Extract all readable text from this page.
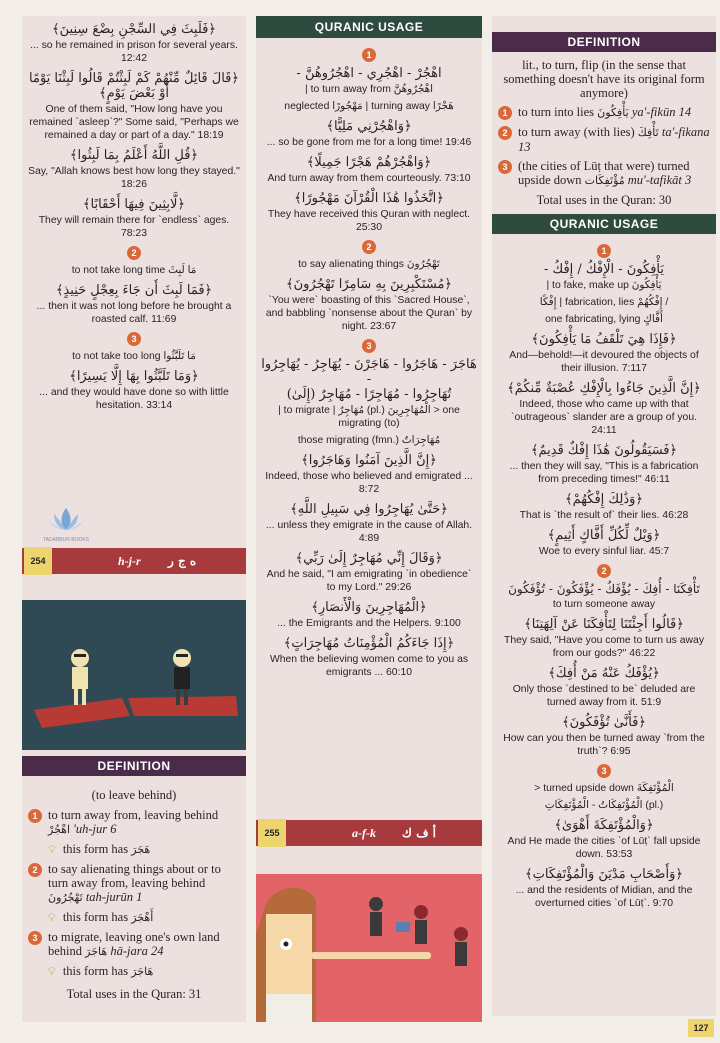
﴿فَلَبِثَ فِي السِّجْنِ بِضْعَ سِنِينَ﴾
... so he remained in prison for several years. 12:42
﴿قَالَ قَائِلٌ مِّنْهُمْ كَمْ لَبِثْتُمْ قَالُوا لَبِثْنَا يَوْمًا أَوْ بَعْضَ يَوْمٍ﴾
One of them said, "How long have you remained `asleep`?" Some said, "Perhaps we remained a day or part of a day." 18:19
﴿قُلِ اللَّهُ أَعْلَمُ بِمَا لَبِثُوا﴾
Say, "Allah knows best how long they stayed." 18:26
﴿لَّابِثِينَ فِيهَا أَحْقَابًا﴾
They will remain there for `endless` ages. 78:23
2
to not take long time مَا لَبِثَ
﴿فَمَا لَبِثَ أَن جَاءَ بِعِجْلٍ حَنِيذٍ﴾
... then it was not long before he brought a roasted calf. 11:69
3
to not take too long مَا تَلَبَّثُوا
﴿وَمَا تَلَبَّثُوا بِهَا إِلَّا يَسِيرًا﴾
... and they would have done so with little hesitation. 33:14
TADABBUR BOOKS
h-j-r ه ج ر
254
DEFINITION
(to leave behind)
1 to turn away from, leaving behind اهْجُرْ 'uh-jur 6
💡︎ this form has هَجَرَ
2 to say alienating things about or to turn away from, leaving behind تَهْجُرُونَ tah-jurūn 1
💡︎ this form has أَهْجَرَ
3 to migrate, leaving one's own land behind هَاجَرَ hā-jara 24
💡︎ this form has هَاجَرَ
Total uses in the Quran: 31
QURANIC USAGE
1
اهْجُرْ - اهْجُرِي - اهْجُرُوهُنَّ -
| to turn away from اهْجُرُوهُنَّ
neglected مَهْجُورًا | turning away هَجْرًا
﴿وَاهْجُرْنِي مَلِيًّا﴾
... so be gone from me for a long time! 19:46
﴿وَاهْجُرْهُمْ هَجْرًا جَمِيلًا﴾
And turn away from them courteously. 73:10
﴿اتَّخَذُوا هَٰذَا الْقُرْآنَ مَهْجُورًا﴾
They have received this Quran with neglect. 25:30
2
to say alienating things تَهْجُرُونَ
﴿مُسْتَكْبِرِينَ بِهِ سَامِرًا تَهْجُرُونَ﴾
`You were` boasting of this `Sacred House`, and babbling `nonsense about the Quran` by night. 23:67
3
هَاجَرَ - هَاجَرُوا - هَاجَرْنَ - يُهَاجِرُ - يُهَاجِرُوا -
تُهَاجِرُوا - مُهَاجِرًا - مُهَاجِرٌ (إِلَىٰ)
| to migrate | مُهَاجِرٌ (pl.) الْمُهَاجِرِينَ > one migrating (to)
those migrating (fmn.) مُهَاجِرَاتٌ
﴿إِنَّ الَّذِينَ آمَنُوا وَهَاجَرُوا﴾
Indeed, those who believed and emigrated ... 8:72
﴿حَتَّىٰ يُهَاجِرُوا فِي سَبِيلِ اللَّهِ﴾
... unless they emigrate in the cause of Allah. 4:89
﴿وَقَالَ إِنِّي مُهَاجِرٌ إِلَىٰ رَبِّي﴾
And he said, "I am emigrating `in obedience` to my Lord." 29:26
﴿الْمُهَاجِرِينَ وَالْأَنصَارِ﴾
... the Emigrants and the Helpers. 9:100
﴿إِذَا جَاءَكُمُ الْمُؤْمِنَاتُ مُهَاجِرَاتٍ﴾
When the believing women come to you as emigrants ... 60:10
a-f-k أ ف ك
255
DEFINITION
lit., to turn, flip (in the sense that something doesn't have its original form anymore)
1 to turn into lies يَأْفِكُونَ ya'-fikūn 14
2 to turn away (with lies) تَأْفِكَ ta'-fikana 13
3 (the cities of Lūṭ that were) turned upside down مُؤْتَفِكَات mu'-tafikāt 3
Total uses in the Quran: 30
QURANIC USAGE
1
يَأْفِكُونَ - الْإِفْكُ / إِفْكُ -
| to fake, make up يَأْفِكُونَ
إِفْكًا | fabrication, lies إِفْكُهُمْ /
one fabricating, lying أَفَّاكٍ
﴿فَإِذَا هِيَ تَلْقَفُ مَا يَأْفِكُونَ﴾
And—behold!—it devoured the objects of their illusion. 7:117
﴿إِنَّ الَّذِينَ جَاءُوا بِالْإِفْكِ عُصْبَةٌ مِّنكُمْ﴾
Indeed, those who came up with that `outrageous` slander are a group of you. 24:11
﴿فَسَيَقُولُونَ هَٰذَا إِفْكٌ قَدِيمٌ﴾
... then they will say, "This is a fabrication from preceding times!" 46:11
﴿وَذَٰلِكَ إِفْكُهُمْ﴾
That is `the result of` their lies. 46:28
﴿وَيْلٌ لِّكُلِّ أَفَّاكٍ أَثِيمٍ﴾
Woe to every sinful liar. 45:7
2
تَأْفِكَنَا - أُفِكَ - يُؤْفَكُ - يُؤْفَكُونَ - تُؤْفَكُونَ
to turn someone away
﴿قَالُوا أَجِئْتَنَا لِتَأْفِكَنَا عَنْ آلِهَتِنَا﴾
They said, "Have you come to turn us away from our gods?" 46:22
﴿يُؤْفَكُ عَنْهُ مَنْ أُفِكَ﴾
Only those `destined to be` deluded are turned away from it. 51:9
﴿فَأَنَّىٰ تُؤْفَكُونَ﴾
How can you then be turned away `from the truth`? 6:95
3
> turned upside down الْمُؤْتَفِكَةَ
الْمُؤْتَفِكَاتُ - الْمُؤْتَفِكَاتِ (pl.)
﴿وَالْمُؤْتَفِكَةَ أَهْوَىٰ﴾
And He made the cities `of Lūṭ` fall upside down. 53:53
﴿وَأَصْحَابِ مَدْيَنَ وَالْمُؤْتَفِكَاتِ﴾
... and the residents of Midian, and the overturned cities `of Lūṭ`. 9:70
127
